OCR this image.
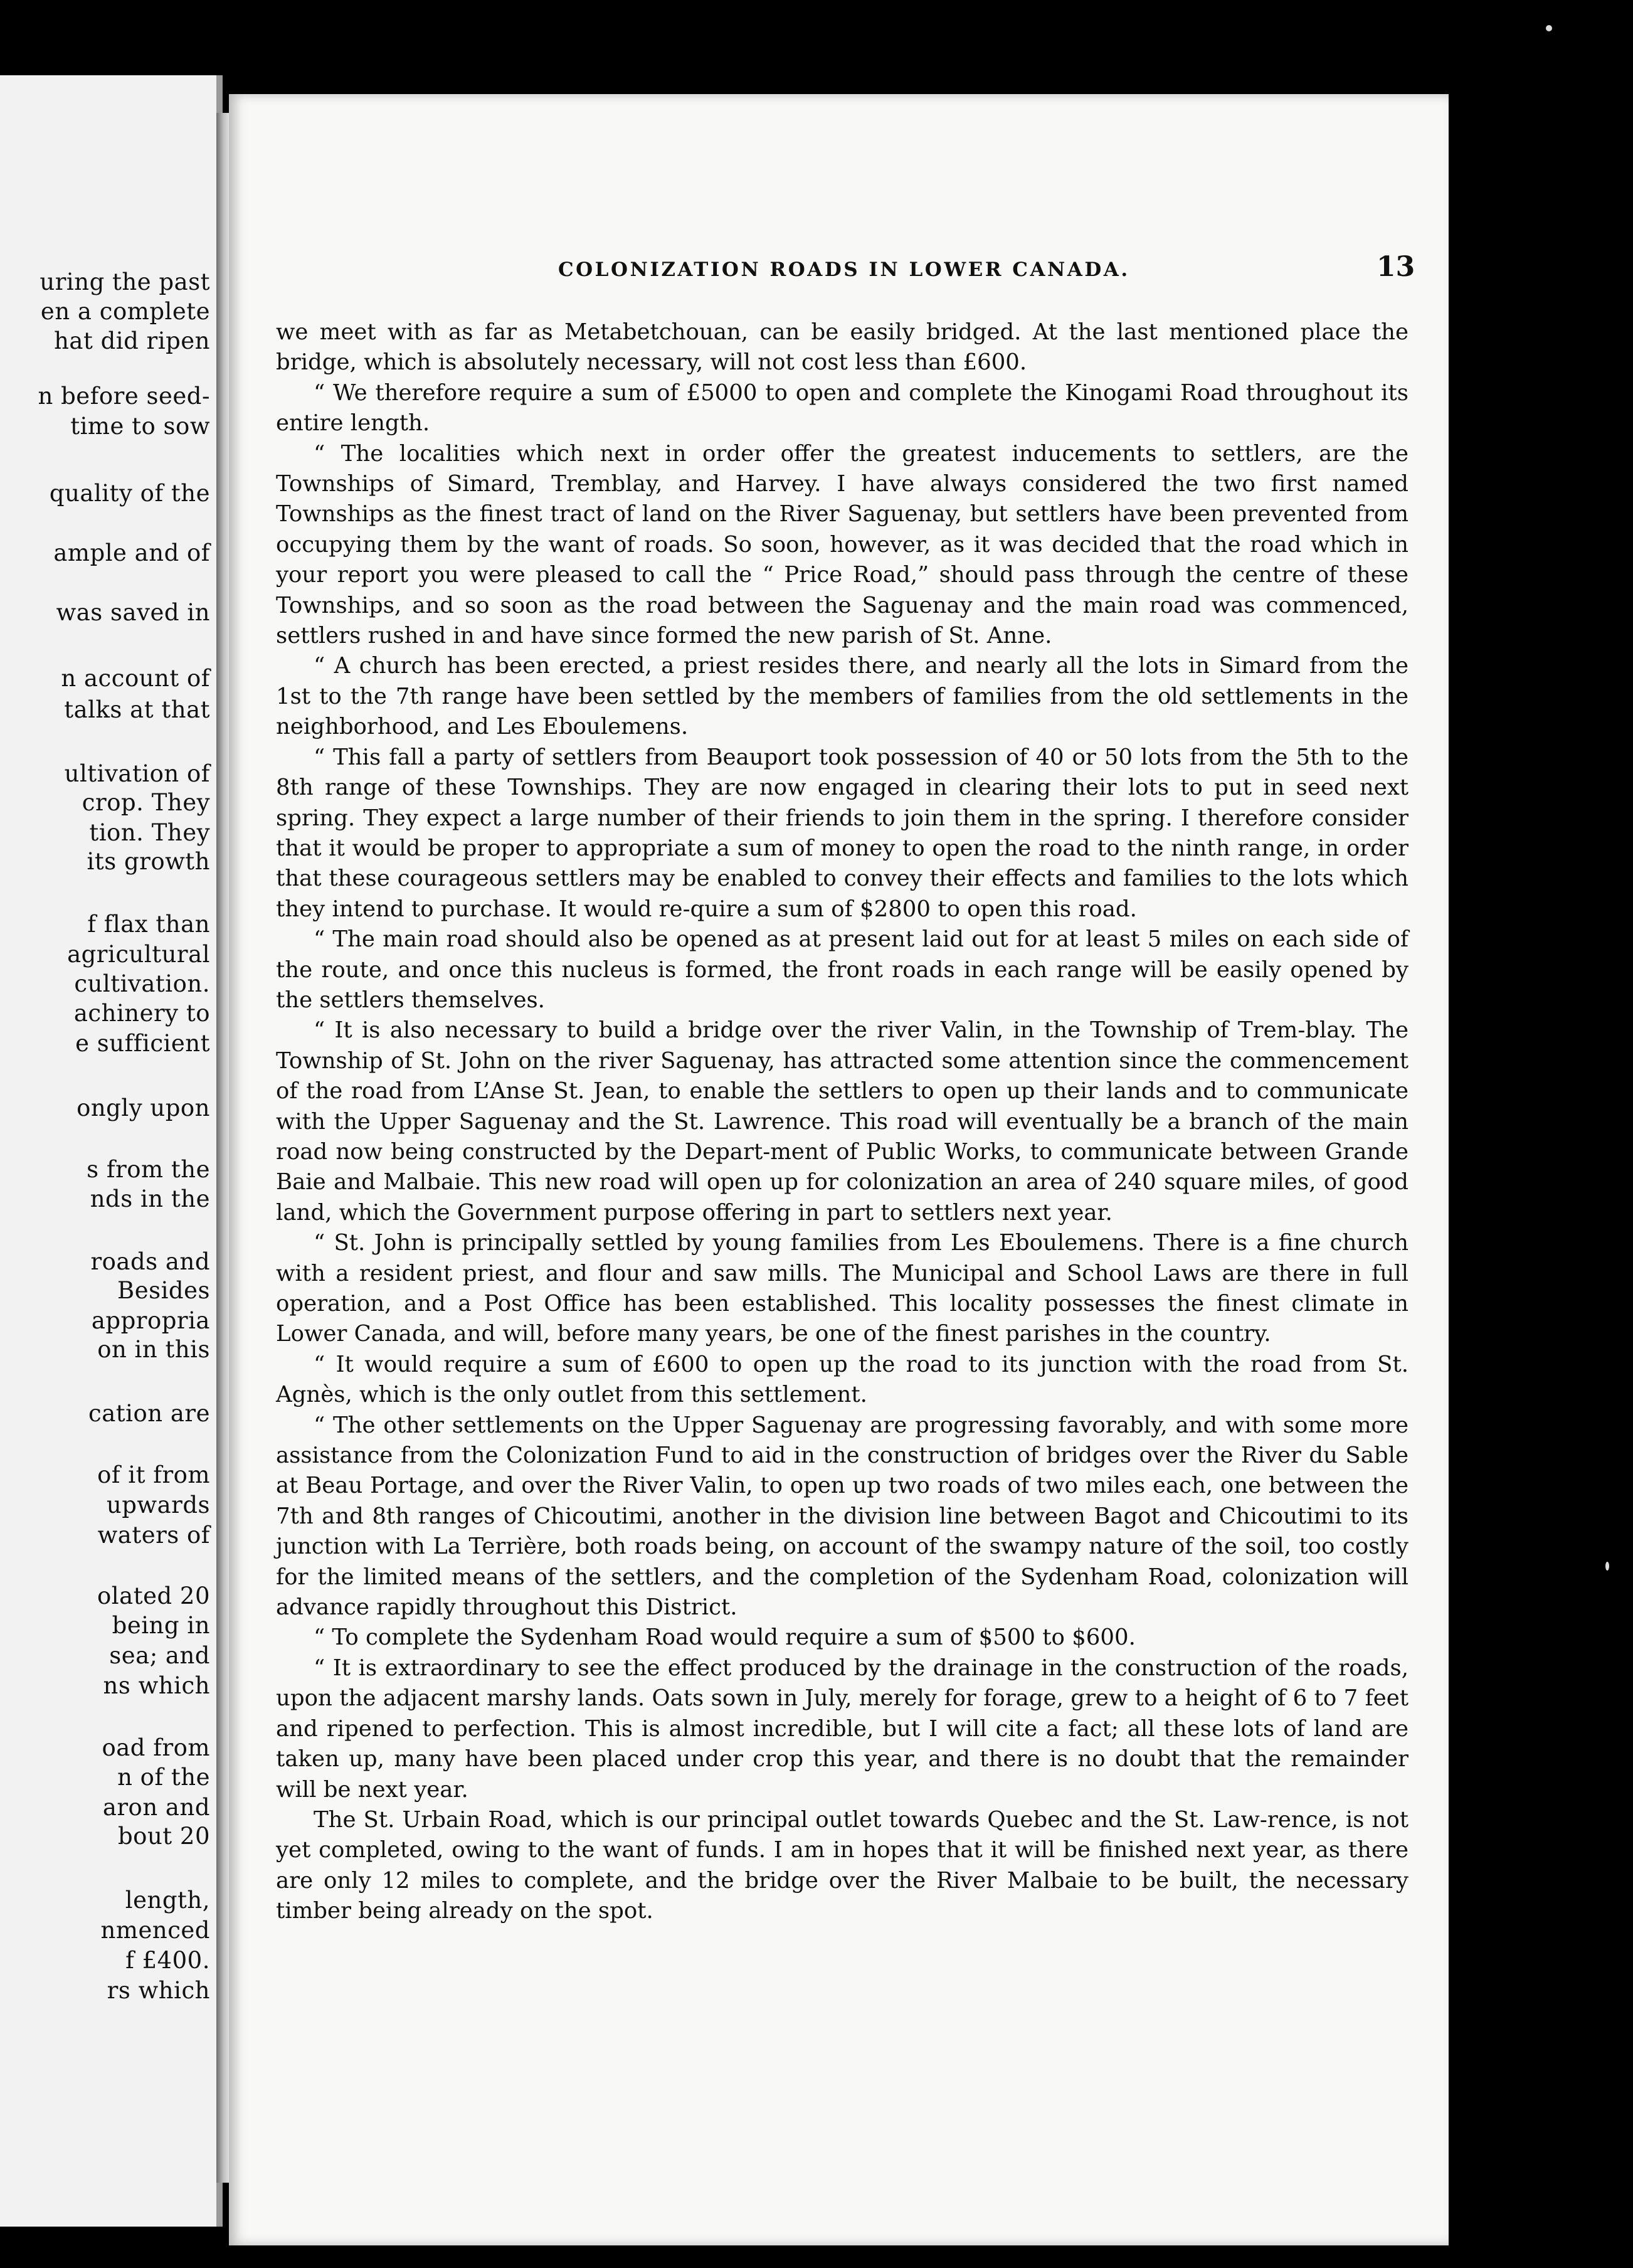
uring the past
en a complete
hat did ripen
n before seed-
time to sow
quality of the
ample and of
was saved in
n account of
talks at that
ultivation of
crop. They
tion. They
its growth
f flax than
agricultural
cultivation.
achinery to
e sufficient
ongly upon
s from the
nds in the
roads and
Besides
appropria
on in this
cation are
of it from
upwards
waters of
olated 20
being in
sea; and
ns which
oad from
n of the
aron and
bout 20
length,
nmenced
f £400.
rs which
COLONIZATION ROADS IN LOWER CANADA.	13

we meet with as far as Metabetchouan, can be easily bridged. At the last mentioned place the bridge, which is absolutely necessary, will not cost less than £600.

“ We therefore require a sum of £5000 to open and complete the Kinogami Road throughout its entire length.

“ The localities which next in order offer the greatest inducements to settlers, are the Townships of Simard, Tremblay, and Harvey. I have always considered the two first named Townships as the finest tract of land on the River Saguenay, but settlers have been prevented from occupying them by the want of roads. So soon, however, as it was decided that the road which in your report you were pleased to call the “ Price Road,” should pass through the centre of these Townships, and so soon as the road between the Saguenay and the main road was commenced, settlers rushed in and have since formed the new parish of St. Anne.

“ A church has been erected, a priest resides there, and nearly all the lots in Simard from the 1st to the 7th range have been settled by the members of families from the old settlements in the neighborhood, and Les Eboulemens.

“ This fall a party of settlers from Beauport took possession of 40 or 50 lots from the 5th to the 8th range of these Townships. They are now engaged in clearing their lots to put in seed next spring. They expect a large number of their friends to join them in the spring. I therefore consider that it would be proper to appropriate a sum of money to open the road to the ninth range, in order that these courageous settlers may be enabled to convey their effects and families to the lots which they intend to purchase. It would re-quire a sum of $2800 to open this road.

“ The main road should also be opened as at present laid out for at least 5 miles on each side of the route, and once this nucleus is formed, the front roads in each range will be easily opened by the settlers themselves.

“ It is also necessary to build a bridge over the river Valin, in the Township of Trem-blay. The Township of St. John on the river Saguenay, has attracted some attention since the commencement of the road from L’Anse St. Jean, to enable the settlers to open up their lands and to communicate with the Upper Saguenay and the St. Lawrence. This road will eventually be a branch of the main road now being constructed by the Depart-ment of Public Works, to communicate between Grande Baie and Malbaie. This new road will open up for colonization an area of 240 square miles, of good land, which the Government purpose offering in part to settlers next year.

“ St. John is principally settled by young families from Les Eboulemens. There is a fine church with a resident priest, and flour and saw mills. The Municipal and School Laws are there in full operation, and a Post Office has been established. This locality possesses the finest climate in Lower Canada, and will, before many years, be one of the finest parishes in the country.

“ It would require a sum of £600 to open up the road to its junction with the road from St. Agnès, which is the only outlet from this settlement.

“ The other settlements on the Upper Saguenay are progressing favorably, and with some more assistance from the Colonization Fund to aid in the construction of bridges over the River du Sable at Beau Portage, and over the River Valin, to open up two roads of two miles each, one between the 7th and 8th ranges of Chicoutimi, another in the division line between Bagot and Chicoutimi to its junction with La Terrière, both roads being, on account of the swampy nature of the soil, too costly for the limited means of the settlers, and the completion of the Sydenham Road, colonization will advance rapidly throughout this District.

“ To complete the Sydenham Road would require a sum of $500 to $600.

“ It is extraordinary to see the effect produced by the drainage in the construction of the roads, upon the adjacent marshy lands. Oats sown in July, merely for forage, grew to a height of 6 to 7 feet and ripened to perfection. This is almost incredible, but I will cite a fact; all these lots of land are taken up, many have been placed under crop this year, and there is no doubt that the remainder will be next year.

The St. Urbain Road, which is our principal outlet towards Quebec and the St. Law-rence, is not yet completed, owing to the want of funds. I am in hopes that it will be finished next year, as there are only 12 miles to complete, and the bridge over the River Malbaie to be built, the necessary timber being already on the spot.
